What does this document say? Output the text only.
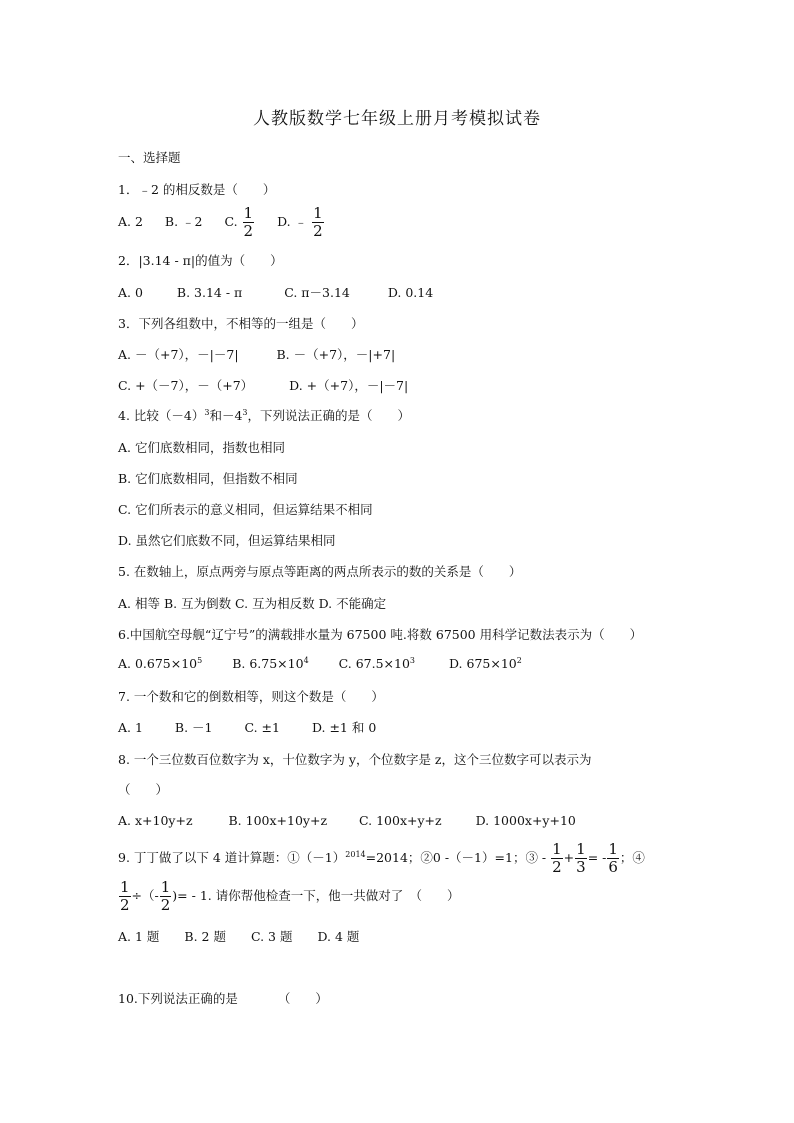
人教版数学七年级上册月考模拟试卷
一、选择题
1．﹣2 的相反数是（　　）
A. 2 B. ﹣2 C. $\frac{1}{2} D$. ﹣ $\frac{1}{2}$
2．|3.14 - π|的值为（　　）
A. 0	B. 3.14 - π	C. π－3.14	D. 0.14
3．下列各组数中，不相等的一组是（　　）
A. －（+7），－|－7|	B. －（+7），－|+7|
C. +（－7），－（+7）	D. +（+7），－|－7|
4. 比较$(-4)^3$和$-4^3$，下列说法正确的是（　　）
A. 它们底数相同，指数也相同
B. 它们底数相同，但指数不相同
C. 它们所表示的意义相同，但运算结果不相同
D. 虽然它们底数不同，但运算结果相同
5. 在数轴上，原点两旁与原点等距离的两点所表示的数的关系是（　　）
A. 相等 B. 互为倒数 C. 互为相反数 D. 不能确定
6.中国航空母舰“辽宁号”的满载排水量为 67500 吨.将数 67500 用科学记数法表示为（　　）
A. $0.675\times 10^5$ B. $6.75\times 10^4$ C. $67.5\times 10^3$	D. $675\times 10^2$
7. 一个数和它的倒数相等，则这个数是（　　）
A. 1	B. －1	C. ±1	D. ±1 和 0
8. 一个三位数百位数字为 x，十位数字为 y，个位数字是 z，这个三位数字可以表示为
（　　）
A. x+10y+z	B. 100x+10y+z	C. 100x+y+z	D. 1000x+y+10
9. 丁丁做了以下 4 道计算题：$①(-1)^{2014}=2014$；②0 -（－1）=1；③ - $\frac{1}{2} + \frac{1}{3}$ = - $\frac{1}{6}$ ；④
$\frac{1}{2}$ ÷（- $\frac{1}{2}$ )= - 1. 请你帮他检查一下，他一共做对了　（　　）
A. 1 题　　B. 2 题　　C. 3 题　　D. 4 题
10.下列说法正确的是	（　　）
